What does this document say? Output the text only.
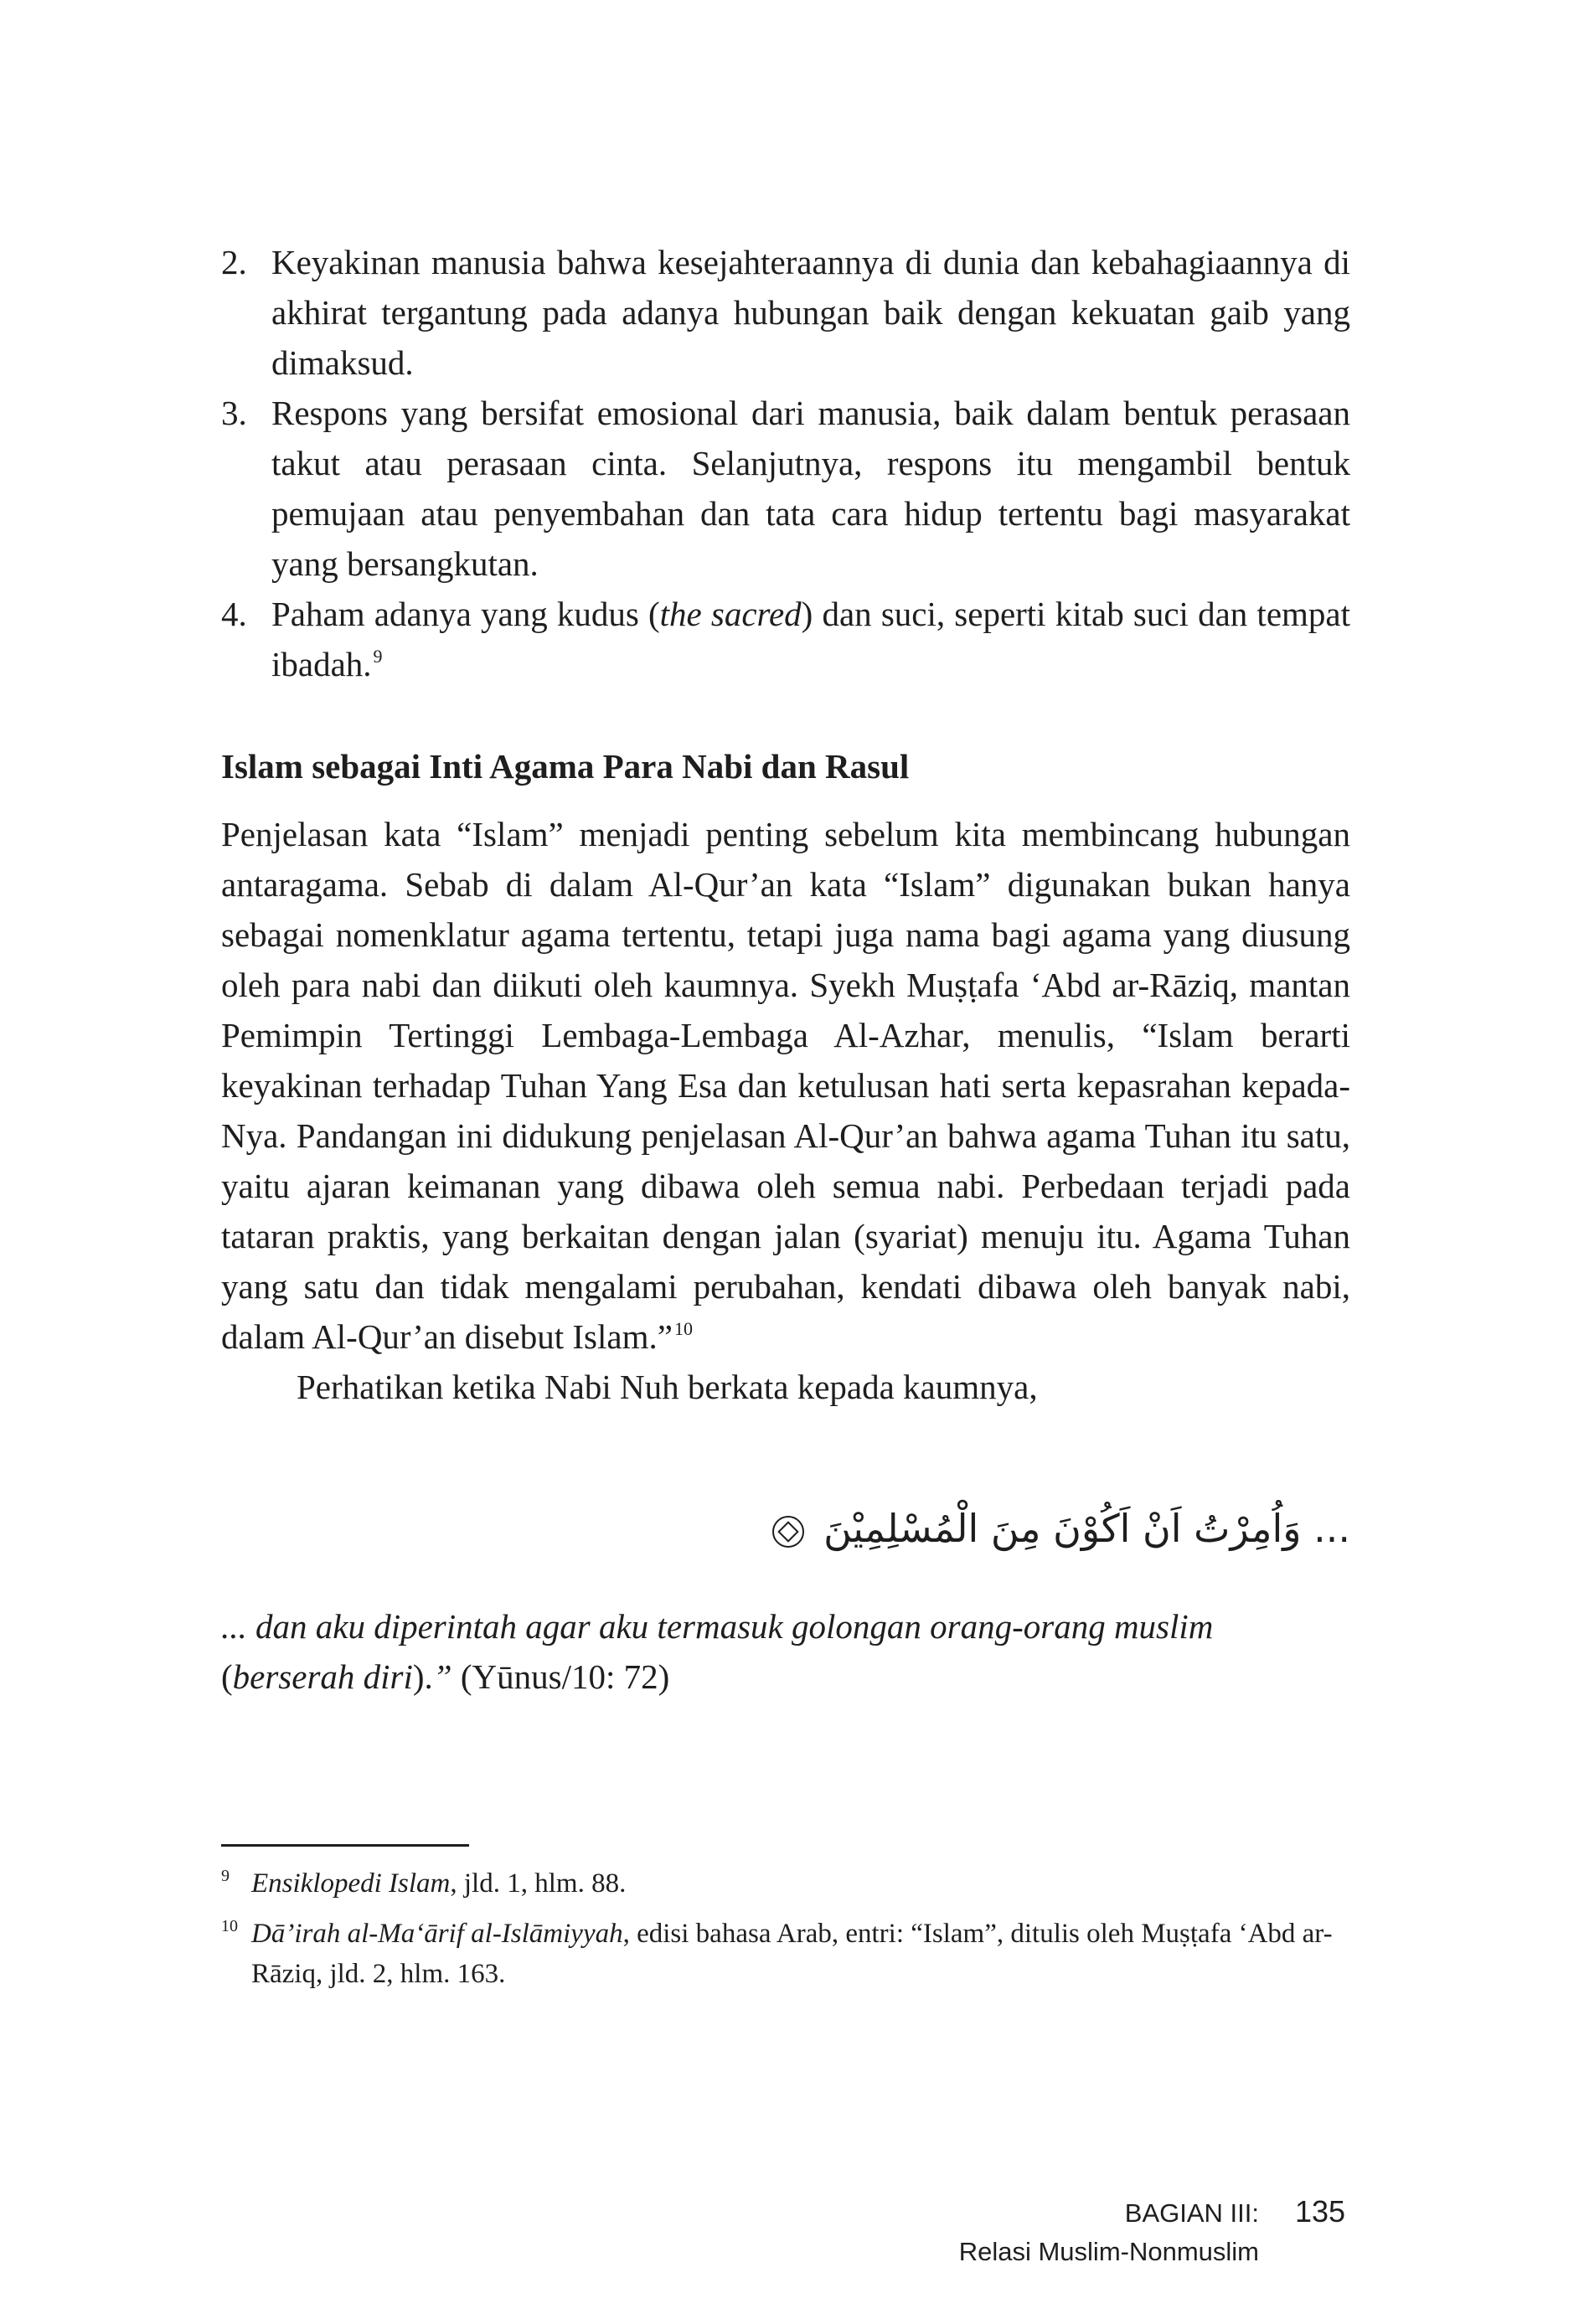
2. Keyakinan manusia bahwa kesejahteraannya di dunia dan kebahagiaannya di akhirat tergantung pada adanya hubungan baik dengan kekuatan gaib yang dimaksud.
3. Respons yang bersifat emosional dari manusia, baik dalam bentuk perasaan takut atau perasaan cinta. Selanjutnya, respons itu mengambil bentuk pemujaan atau penyembahan dan tata cara hidup tertentu bagi masyarakat yang bersangkutan.
4. Paham adanya yang kudus (the sacred) dan suci, seperti kitab suci dan tempat ibadah.$^9$
Islam sebagai Inti Agama Para Nabi dan Rasul

Penjelasan kata “Islam” menjadi penting sebelum kita membincang hubungan antaragama. Sebab di dalam Al-Qur’an kata “Islam” digunakan bukan hanya sebagai nomenklatur agama tertentu, tetapi juga nama bagi agama yang diusung oleh para nabi dan diikuti oleh kaumnya. Syekh Muṣṭafa ‘Abd ar-Rāziq, mantan Pemimpin Tertinggi Lembaga-Lembaga Al-Azhar, menulis, “Islam berarti keyakinan terhadap Tuhan Yang Esa dan ketulusan hati serta kepasrahan kepada-Nya. Pandangan ini didukung penjelasan Al-Qur’an bahwa agama Tuhan itu satu, yaitu ajaran keimanan yang dibawa oleh semua nabi. Perbedaan terjadi pada tataran praktis, yang berkaitan dengan jalan (syariat) menuju itu. Agama Tuhan yang satu dan tidak mengalami perubahan, kendati dibawa oleh banyak nabi, dalam Al-Qur’an disebut Islam.”$^{10}$

Perhatikan ketika Nabi Nuh berkata kepada kaumnya,

... وَاُمِرْتُ اَنْ اَكُوْنَ مِنَ الْمُسْلِمِيْنَ
... dan aku diperintah agar aku termasuk golongan orang-orang muslim (berserah diri).” (Yūnus/10: 72)
9 Ensiklopedi Islam, jld. 1, hlm. 88.
10 Dā’irah al-Ma‘ārif al-Islāmiyyah, edisi bahasa Arab, entri: “Islam”, ditulis oleh Muṣṭafa ‘Abd ar-Rāziq, jld. 2, hlm. 163.
BAGIAN III:
Relasi Muslim-Nonmuslim
135
